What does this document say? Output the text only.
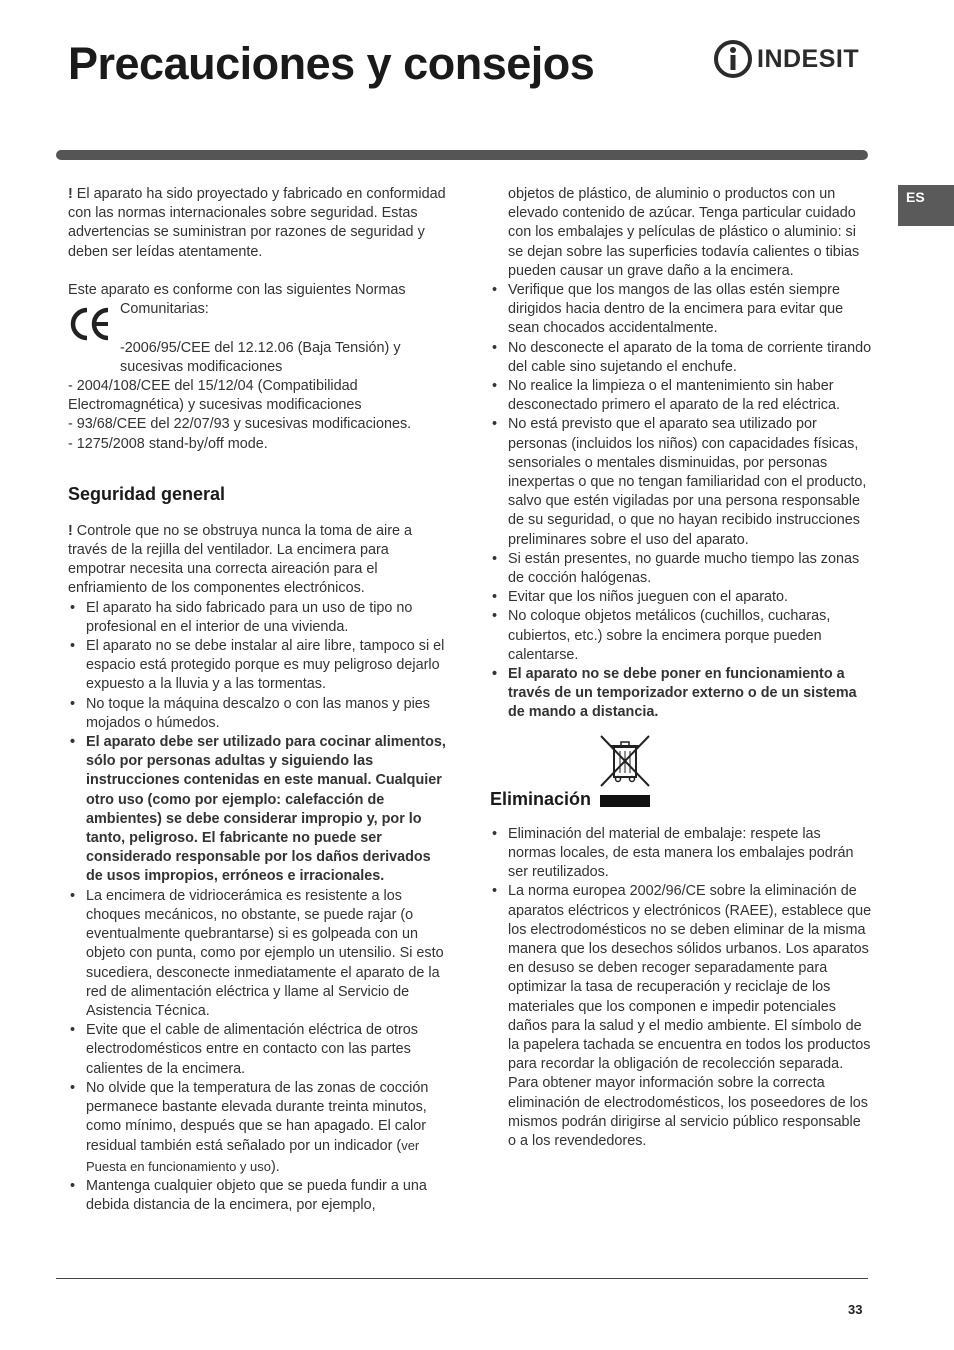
Precauciones y consejos	INDESIT
ES

! El aparato ha sido proyectado y fabricado en conformidad con las normas internacionales sobre seguridad. Estas advertencias se suministran por razones de seguridad y deben ser leídas atentamente.

Este aparato es conforme con las siguientes Normas

Comunitarias:

-2006/95/CEE del 12.12.06 (Baja Tensión) y sucesivas modificaciones

- 2004/108/CEE del 15/12/04 (Compatibilidad Electromagnética) y sucesivas modificaciones

- 93/68/CEE del 22/07/93 y sucesivas modificaciones.

- 1275/2008 stand-by/off mode.

Seguridad general

! Controle que no se obstruya nunca la toma de aire a través de la rejilla del ventilador. La encimera para empotrar necesita una correcta aireación para el enfriamiento de los componentes electrónicos.

• El aparato ha sido fabricado para un uso de tipo no profesional en el interior de una vivienda.
• El aparato no se debe instalar al aire libre, tampoco si el espacio está protegido porque es muy peligroso dejarlo expuesto a la lluvia y a las tormentas.
• No toque la máquina descalzo o con las manos y pies mojados o húmedos.
• El aparato debe ser utilizado para cocinar alimentos, sólo por personas adultas y siguiendo las instrucciones contenidas en este manual. Cualquier otro uso (como por ejemplo: calefacción de ambientes) se debe considerar impropio y, por lo tanto, peligroso. El fabricante no puede ser considerado responsable por los daños derivados de usos impropios, erróneos e irracionales.
• La encimera de vidriocerámica es resistente a los choques mecánicos, no obstante, se puede rajar (o eventualmente quebrantarse) si es golpeada con un objeto con punta, como por ejemplo un utensilio. Si esto sucediera, desconecte inmediatamente el aparato de la red de alimentación eléctrica y llame al Servicio de Asistencia Técnica.
• Evite que el cable de alimentación eléctrica de otros electrodomésticos entre en contacto con las partes calientes de la encimera.
• No olvide que la temperatura de las zonas de cocción permanece bastante elevada durante treinta minutos, como mínimo, después que se han apagado. El calor residual también está señalado por un indicador (ver Puesta en funcionamiento y uso).
• Mantenga cualquier objeto que se pueda fundir a una debida distancia de la encimera, por ejemplo,

objetos de plástico, de aluminio o productos con un elevado contenido de azúcar. Tenga particular cuidado con los embalajes y películas de plástico o aluminio: si se dejan sobre las superficies todavía calientes o tibias pueden causar un grave daño a la encimera.

• Verifique que los mangos de las ollas estén siempre dirigidos hacia dentro de la encimera para evitar que sean chocados accidentalmente.
• No desconecte el aparato de la toma de corriente tirando del cable sino sujetando el enchufe.
• No realice la limpieza o el mantenimiento sin haber desconectado primero el aparato de la red eléctrica.
• No está previsto que el aparato sea utilizado por personas (incluidos los niños) con capacidades físicas, sensoriales o mentales disminuidas, por personas inexpertas o que no tengan familiaridad con el producto, salvo que estén vigiladas por una persona responsable de su seguridad, o que no hayan recibido instrucciones preliminares sobre el uso del aparato.
• Si están presentes, no guarde mucho tiempo las zonas de cocción halógenas.
• Evitar que los niños jueguen con el aparato.
• No coloque objetos metálicos (cuchillos, cucharas, cubiertos, etc.) sobre la encimera porque pueden calentarse.
• El aparato no se debe poner en funcionamiento a través de un temporizador externo o de un sistema de mando a distancia.
Eliminación
• Eliminación del material de embalaje: respete las normas locales, de esta manera los embalajes podrán ser reutilizados.
• La norma europea 2002/96/CE sobre la eliminación de aparatos eléctricos y electrónicos (RAEE), establece que los electrodomésticos no se deben eliminar de la misma manera que los desechos sólidos urbanos. Los aparatos en desuso se deben recoger separadamente para optimizar la tasa de recuperación y reciclaje de los materiales que los componen e impedir potenciales daños para la salud y el medio ambiente. El símbolo de la papelera tachada se encuentra en todos los productos para recordar la obligación de recolección separada.

Para obtener mayor información sobre la correcta eliminación de electrodomésticos, los poseedores de los mismos podrán dirigirse al servicio público responsable o a los revendedores.

33
